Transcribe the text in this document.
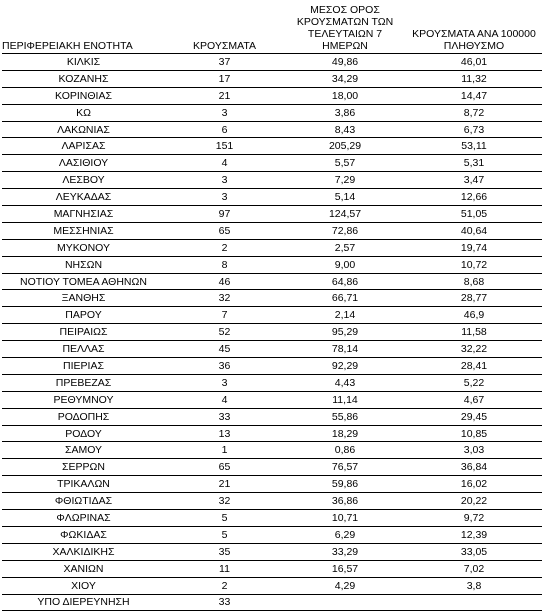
ΠΕΡΙΦΕΡΕΙΑΚΗ ΕΝΟΤΗΤΑ	ΚΡΟΥΣΜΑΤΑ	ΜΕΣΟΣ ΟΡΟΣ ΚΡΟΥΣΜΑΤΩΝ ΤΩΝ ΤΕΛΕΥΤΑΙΩΝ 7 ΗΜΕΡΩΝ	ΚΡΟΥΣΜΑΤΑ ΑΝΑ 100000 ΠΛΗΘΥΣΜΟ
ΚΙΛΚΙΣ	37	49,86	46,01
ΚΟΖΑΝΗΣ	17	34,29	11,32
ΚΟΡΙΝΘΙΑΣ	21	18,00	14,47
ΚΩ	3	3,86	8,72
ΛΑΚΩΝΙΑΣ	6	8,43	6,73
ΛΑΡΙΣΑΣ	151	205,29	53,11
ΛΑΣΙΘΙΟΥ	4	5,57	5,31
ΛΕΣΒΟΥ	3	7,29	3,47
ΛΕΥΚΑΔΑΣ	3	5,14	12,66
ΜΑΓΝΗΣΙΑΣ	97	124,57	51,05
ΜΕΣΣΗΝΙΑΣ	65	72,86	40,64
ΜΥΚΟΝΟΥ	2	2,57	19,74
ΝΗΣΩΝ	8	9,00	10,72
ΝΟΤΙΟΥ ΤΟΜΕΑ ΑΘΗΝΩΝ	46	64,86	8,68
ΞΑΝΘΗΣ	32	66,71	28,77
ΠΑΡΟΥ	7	2,14	46,9
ΠΕΙΡΑΙΩΣ	52	95,29	11,58
ΠΕΛΛΑΣ	45	78,14	32,22
ΠΙΕΡΙΑΣ	36	92,29	28,41
ΠΡΕΒΕΖΑΣ	3	4,43	5,22
ΡΕΘΥΜΝΟΥ	4	11,14	4,67
ΡΟΔΟΠΗΣ	33	55,86	29,45
ΡΟΔΟΥ	13	18,29	10,85
ΣΑΜΟΥ	1	0,86	3,03
ΣΕΡΡΩΝ	65	76,57	36,84
ΤΡΙΚΑΛΩΝ	21	59,86	16,02
ΦΘΙΩΤΙΔΑΣ	32	36,86	20,22
ΦΛΩΡΙΝΑΣ	5	10,71	9,72
ΦΩΚΙΔΑΣ	5	6,29	12,39
ΧΑΛΚΙΔΙΚΗΣ	35	33,29	33,05
ΧΑΝΙΩΝ	11	16,57	7,02
ΧΙΟΥ	2	4,29	3,8
ΥΠΟ ΔΙΕΡΕΥΝΗΣΗ	33		
